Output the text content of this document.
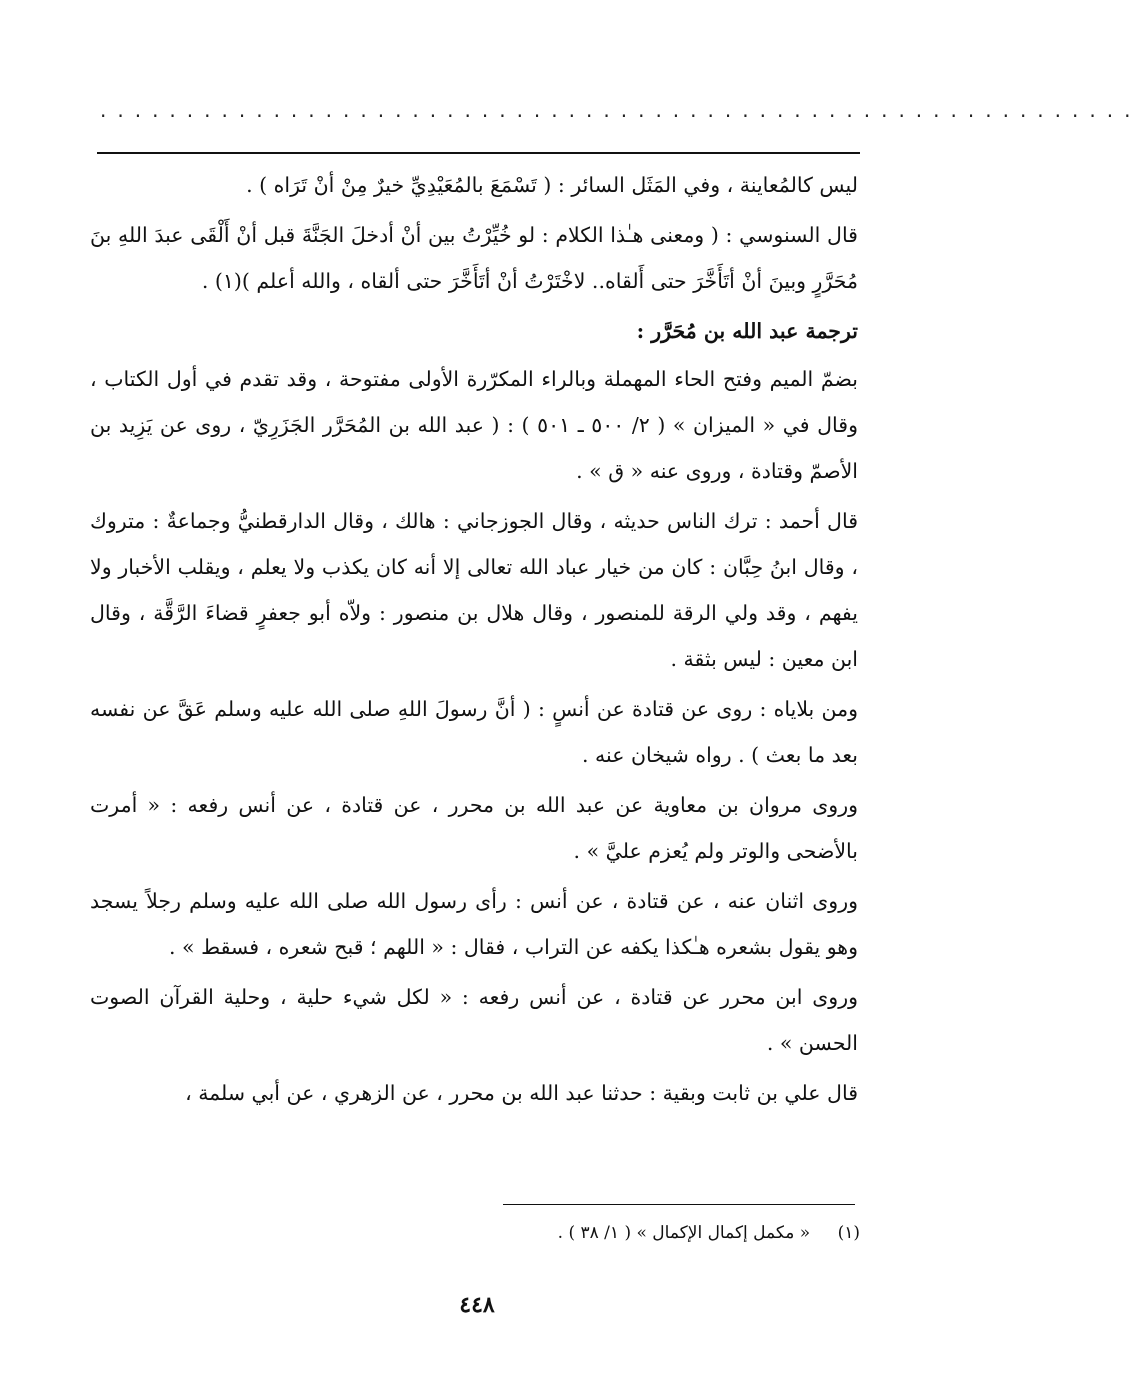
............................................................

ليس كالمُعاينة ، وفي المَثَل السائر : ( تَسْمَعَ بالمُعَيْدِيِّ خيرٌ مِنْ أنْ تَرَاه ) .

قال السنوسي : ( ومعنى هـٰذا الكلام : لو خُيِّرْتُ بين أنْ أدخلَ الجَنَّةَ قبل أنْ أَلْقَى عبدَ اللهِ بنَ مُحَرَّرٍ وبينَ أنْ أتَأَخَّرَ حتى أَلقاه.. لاخْتَرْتُ أنْ أتَأَخَّرَ حتى ألقاه ، والله أعلم )(١) .

ترجمة عبد الله بن مُحَرَّر :

بضمّ الميم وفتح الحاء المهملة وبالراء المكرّرة الأولى مفتوحة ، وقد تقدم في أول الكتاب ، وقال في « الميزان » ( ٢/ ٥٠٠ ـ ٥٠١ ) : ( عبد الله بن المُحَرَّر الجَزَرِيّ ، روى عن يَزِيد بن الأصمّ وقتادة ، وروى عنه « ق » .

قال أحمد : ترك الناس حديثه ، وقال الجوزجاني : هالك ، وقال الدارقطنيُّ وجماعةٌ : متروك ، وقال ابنُ حِبَّان : كان من خيار عباد الله تعالى إلا أنه كان يكذب ولا يعلم ، ويقلب الأخبار ولا يفهم ، وقد ولي الرقة للمنصور ، وقال هلال بن منصور : ولاّه أبو جعفرٍ قضاءَ الرَّقَّة ، وقال ابن معين : ليس بثقة .

ومن بلاياه : روى عن قتادة عن أنسٍ : ( أنَّ رسولَ اللهِ صلى الله عليه وسلم عَقَّ عن نفسه بعد ما بعث ) . رواه شيخان عنه .

وروى مروان بن معاوية عن عبد الله بن محرر ، عن قتادة ، عن أنس رفعه : « أمرت بالأضحى والوتر ولم يُعزم عليَّ » .

وروى اثنان عنه ، عن قتادة ، عن أنس : رأى رسول الله صلى الله عليه وسلم رجلاً يسجد وهو يقول بشعره هـٰكذا يكفه عن التراب ، فقال : « اللهم ؛ قبح شعره ، فسقط » .

وروى ابن محرر عن قتادة ، عن أنس رفعه : « لكل شيء حلية ، وحلية القرآن الصوت الحسن » .

قال علي بن ثابت وبقية : حدثنا عبد الله بن محرر ، عن الزهري ، عن أبي سلمة ،

(١) « مكمل إكمال الإكمال » ( ١/ ٣٨ ) .
٤٤٨
